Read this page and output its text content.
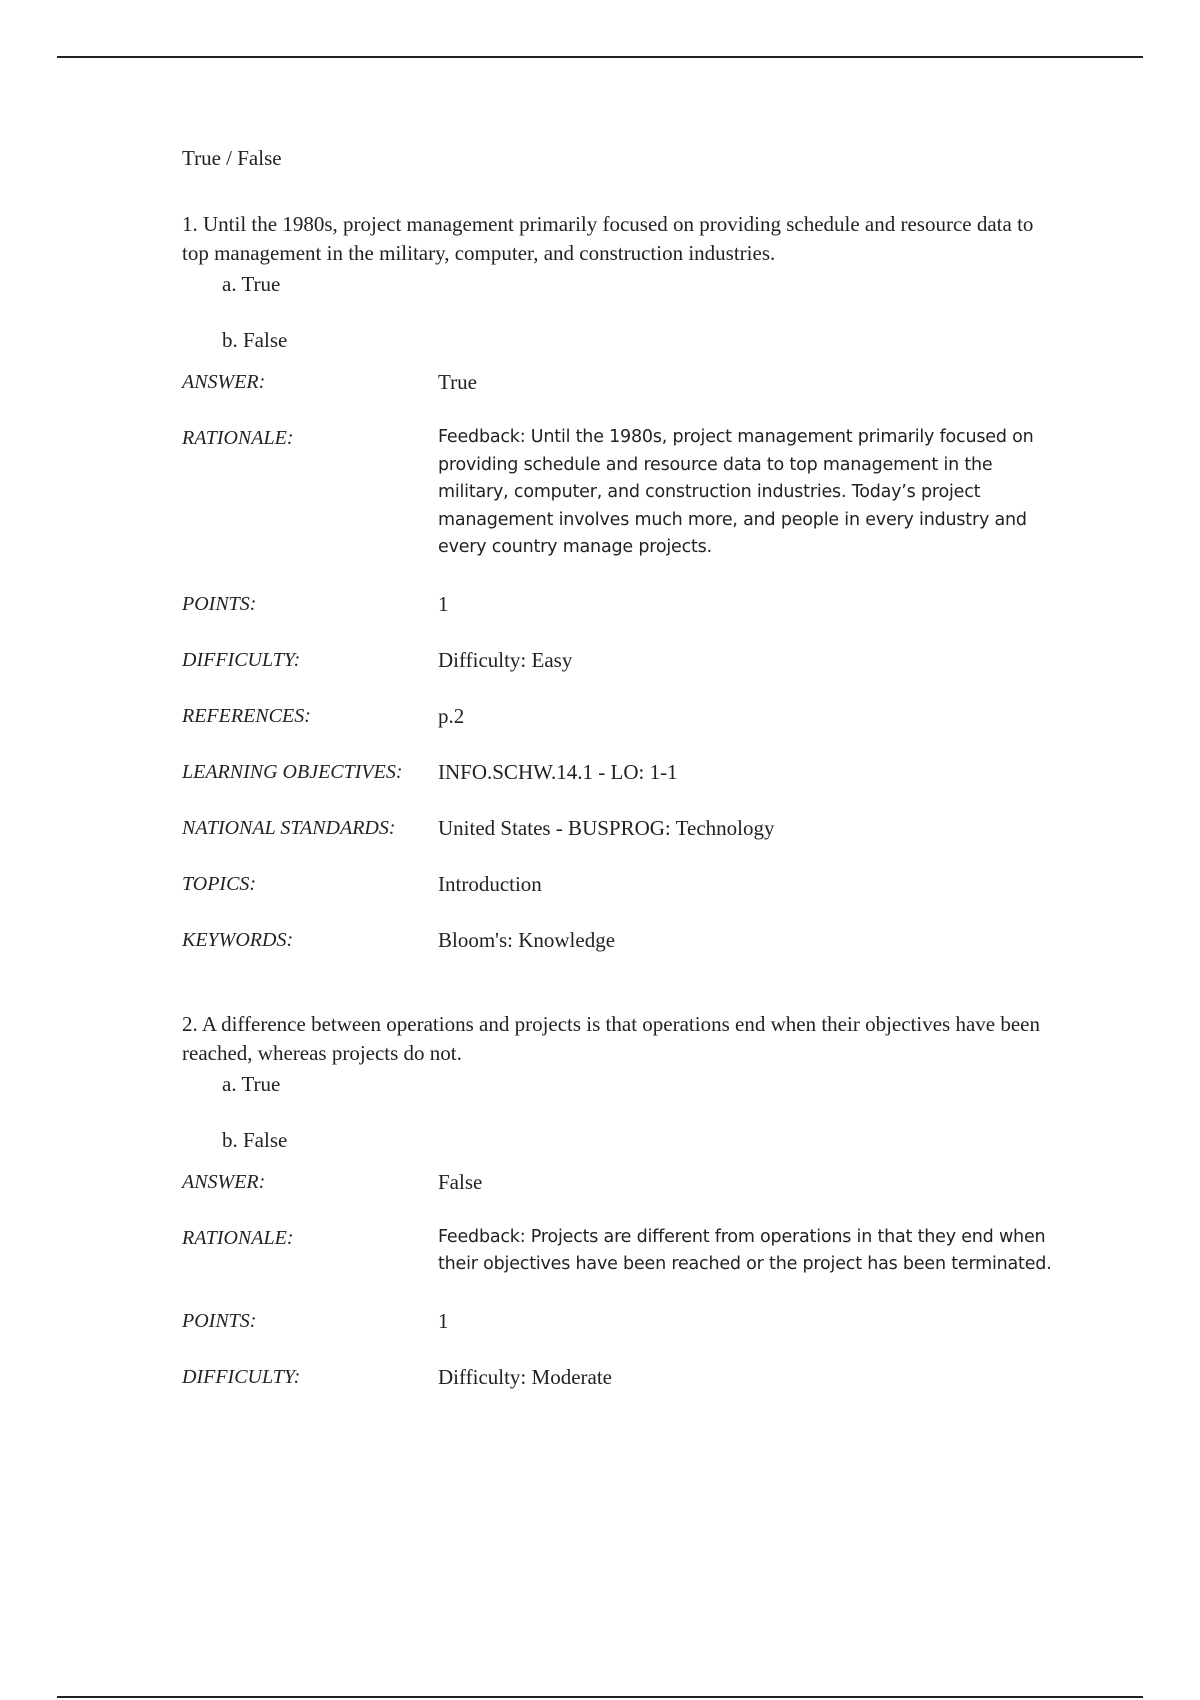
True / False

1. Until the 1980s, project management primarily focused on providing schedule and resource data to top management in the military, computer, and construction industries.

a. True
b. False
ANSWER:	True
RATIONALE:	Feedback: Until the 1980s, project management primarily focused on providing schedule and resource data to top management in the military, computer, and construction industries. Today’s project management involves much more, and people in every industry and every country manage projects.
POINTS:	1
DIFFICULTY:	Difficulty: Easy
REFERENCES:	p.2
LEARNING OBJECTIVES:	INFO.SCHW.14.1 - LO: 1-1
NATIONAL STANDARDS:	United States - BUSPROG: Technology
TOPICS:	Introduction
KEYWORDS:	Bloom's: Knowledge

2. A difference between operations and projects is that operations end when their objectives have been reached, whereas projects do not.

a. True
b. False
ANSWER:	False
RATIONALE:	Feedback: Projects are different from operations in that they end when their objectives have been reached or the project has been terminated.
POINTS:	1
DIFFICULTY:	Difficulty: Moderate
